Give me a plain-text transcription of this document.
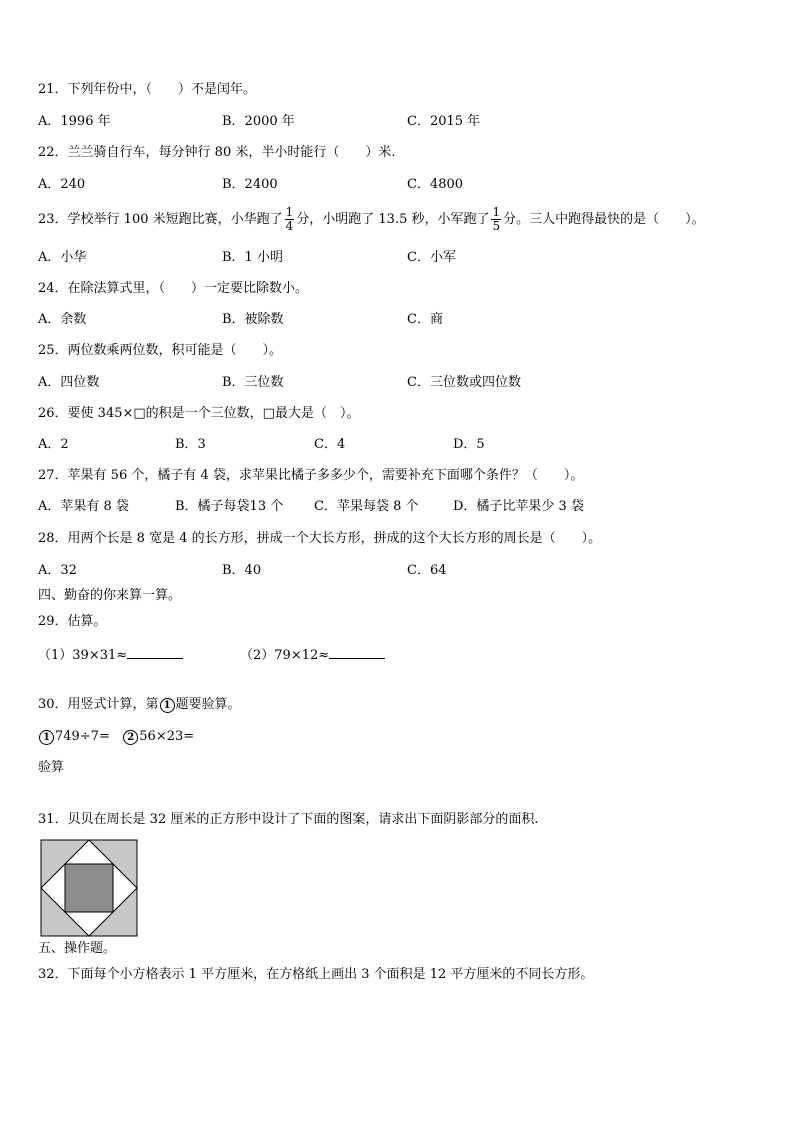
21．下列年份中，（　　）不是闰年。
A．1996 年	B．2000 年	C．2015 年
22．兰兰骑自行车，每分钟行 80 米，半小时能行（　　）米.
A．240	B．2400	C．4800
23．学校举行 100 米短跑比赛，小华跑了 $\frac{1}{4}$ 分，小明跑了 13.5 秒，小军跑了 $\frac{1}{5}$ 分。三人中跑得最快的是（　　）。
A．小华	B．1 小明	C．小军
24．在除法算式里，（　　）一定要比除数小。
A．余数	B．被除数	C．商
25．两位数乘两位数，积可能是（　　）。
A．四位数	B．三位数	C．三位数或四位数
26．要使 345×□的积是一个三位数，□最大是（　）。
A．2	B．3	C．4	D．5
27．苹果有 56 个，橘子有 4 袋，求苹果比橘子多多少个，需要补充下面哪个条件？（　　）。
A．苹果有 8 袋	B．橘子每袋13 个 C．苹果每袋 8 个	D．橘子比苹果少 3 袋
28．用两个长是 8 宽是 4 的长方形，拼成一个大长方形，拼成的这个大长方形的周长是（　　）。
A．32	B．40	C．64
四、勤奋的你来算一算。
29．估算。
（1）39×31≈	（2）79×12≈
30．用竖式计算，第 1 题要验算。
1 749÷7= 2 56×23=
验算
31．贝贝在周长是 32 厘米的正方形中设计了下面的图案，请求出下面阴影部分的面积.
五、操作题。
32．下面每个小方格表示 1 平方厘米，在方格纸上画出 3 个面积是 12 平方厘米的不同长方形。
